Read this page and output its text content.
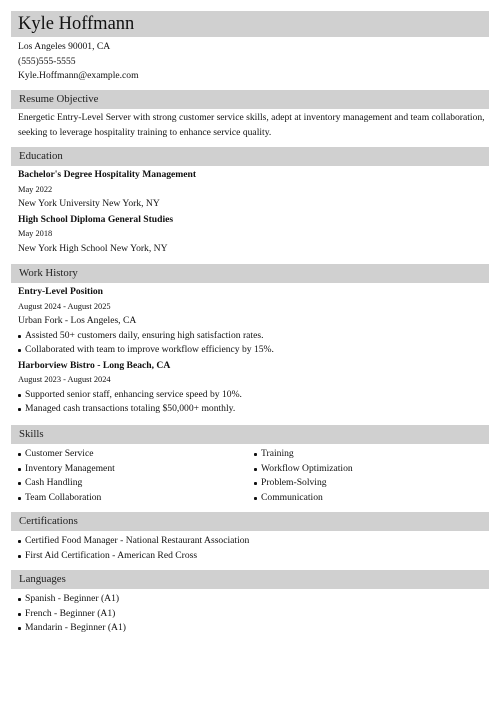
Kyle Hoffmann
Los Angeles 90001, CA
(555)555-5555
Kyle.Hoffmann@example.com
Resume Objective
Energetic Entry-Level Server with strong customer service skills, adept at inventory management and team collaboration, seeking to leverage hospitality training to enhance service quality.
Education
Bachelor's Degree Hospitality Management
May 2022
New York University New York, NY
High School Diploma General Studies
May 2018
New York High School New York, NY
Work History
Entry-Level Position
August 2024 - August 2025
Urban Fork - Los Angeles, CA
Assisted 50+ customers daily, ensuring high satisfaction rates.
Collaborated with team to improve workflow efficiency by 15%.
Harborview Bistro - Long Beach, CA
August 2023 - August 2024
Supported senior staff, enhancing service speed by 10%.
Managed cash transactions totaling $50,000+ monthly.
Skills
Customer Service
Inventory Management
Cash Handling
Team Collaboration
Training
Workflow Optimization
Problem-Solving
Communication
Certifications
Certified Food Manager - National Restaurant Association
First Aid Certification - American Red Cross
Languages
Spanish - Beginner (A1)
French - Beginner (A1)
Mandarin - Beginner (A1)
